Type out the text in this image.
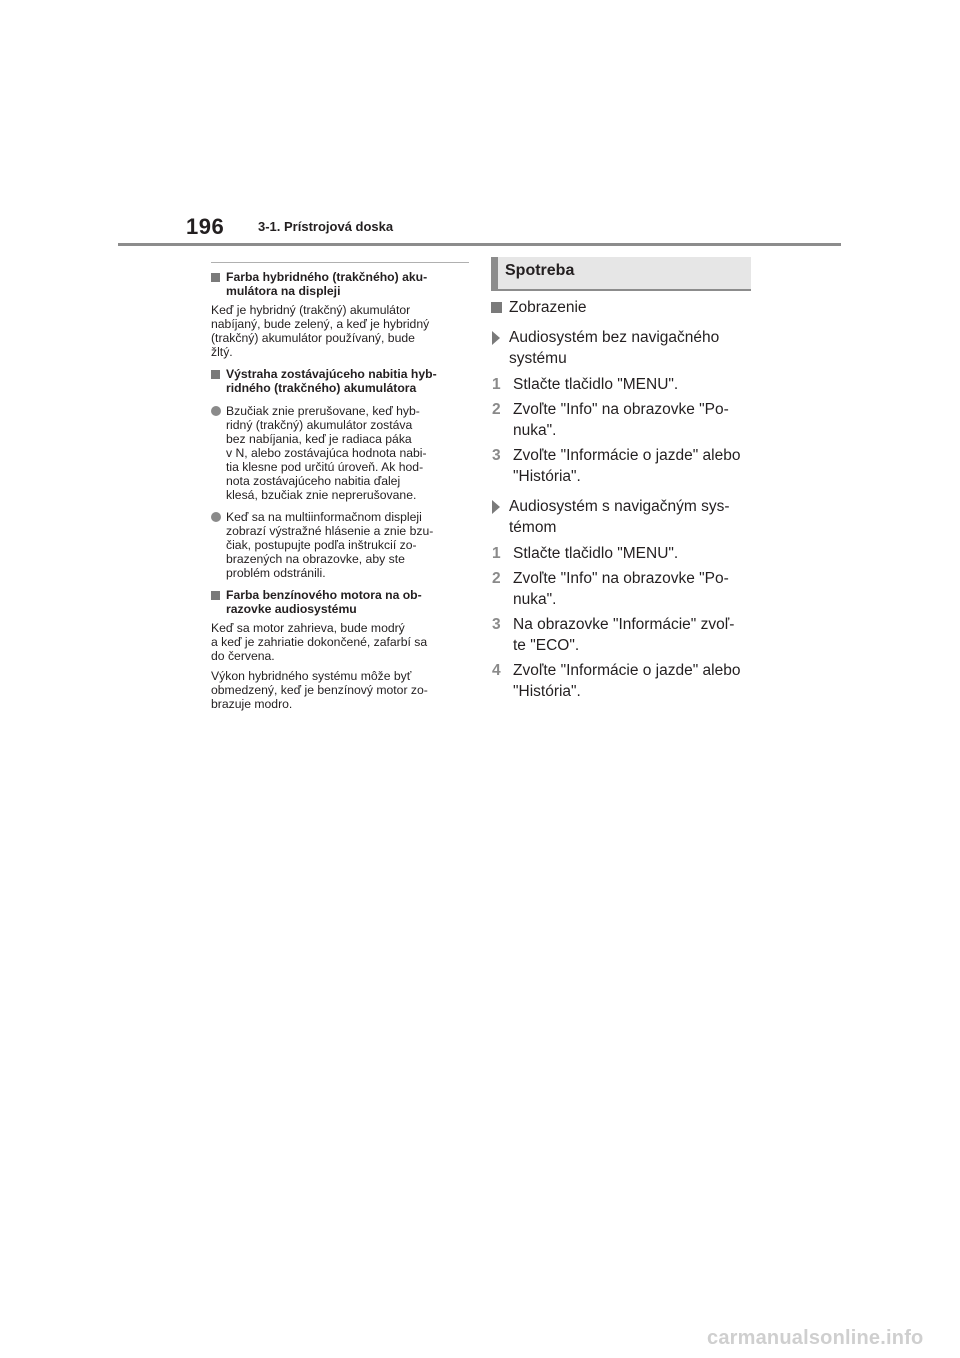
196	3-1. Prístrojová doska
Farba hybridného (trakčného) aku-
mulátora na displeji
Keď je hybridný (trakčný) akumulátor
nabíjaný, bude zelený, a keď je hybridný
(trakčný) akumulátor používaný, bude
žltý.
Výstraha zostávajúceho nabitia hyb-
ridného (trakčného) akumulátora
Bzučiak znie prerušovane, keď hyb-
ridný (trakčný) akumulátor zostáva
bez nabíjania, keď je radiaca páka
v N, alebo zostávajúca hodnota nabi-
tia klesne pod určitú úroveň. Ak hod-
nota zostávajúceho nabitia ďalej
klesá, bzučiak znie neprerušovane.
Keď sa na multiinformačnom displeji
zobrazí výstražné hlásenie a znie bzu-
čiak, postupujte podľa inštrukcií zo-
brazených na obrazovke, aby ste
problém odstránili.
Farba benzínového motora na ob-
razovke audiosystému
Keď sa motor zahrieva, bude modrý
a keď je zahriatie dokončené, zafarbí sa
do červena.
Výkon hybridného systému môže byť
obmedzený, keď je benzínový motor zo-
brazuje modro.
Spotreba
Zobrazenie
Audiosystém bez navigačného
systému
1 Stlačte tlačidlo "MENU".
2 Zvoľte "Info" na obrazovke "Po-
nuka".
3 Zvoľte "Informácie o jazde" alebo
"História".
Audiosystém s navigačným sys-
témom
1 Stlačte tlačidlo "MENU".
2 Zvoľte "Info" na obrazovke "Po-
nuka".
3 Na obrazovke "Informácie" zvoľ-
te "ECO".
4 Zvoľte "Informácie o jazde" alebo
"História".
carmanualsonline.info
